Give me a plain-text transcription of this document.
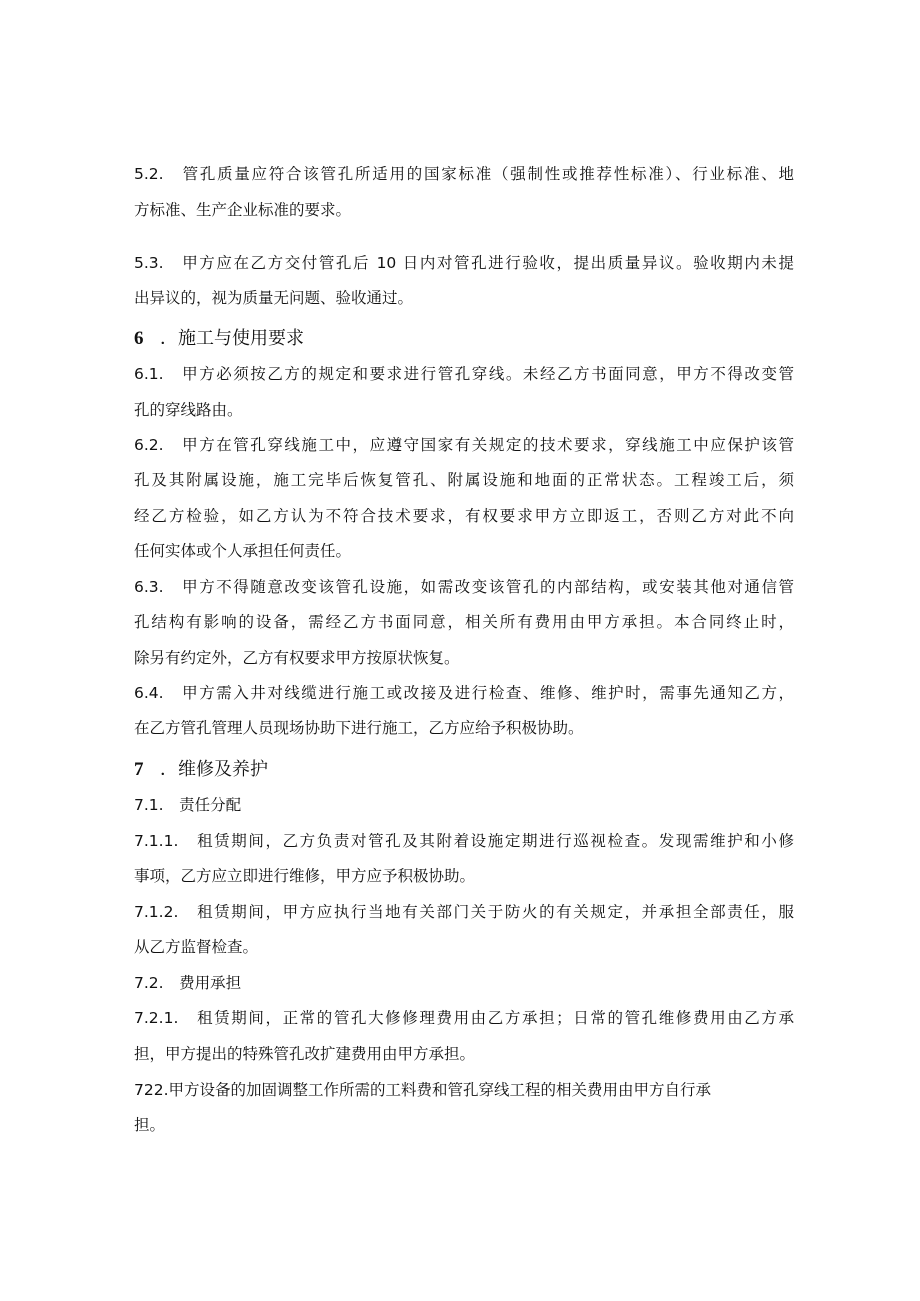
5.2.　管孔质量应符合该管孔所适用的国家标准（强制性或推荐性标准）、行业标准、地
方标准、生产企业标准的要求。
5.3.　甲方应在乙方交付管孔后 10 日内对管孔进行验收，提出质量异议。验收期内未提
出异议的，视为质量无问题、验收通过。
6 ．施工与使用要求
6.1.　甲方必须按乙方的规定和要求进行管孔穿线。未经乙方书面同意，甲方不得改变管
孔的穿线路由。
6.2.　甲方在管孔穿线施工中，应遵守国家有关规定的技术要求，穿线施工中应保护该管
孔及其附属设施，施工完毕后恢复管孔、附属设施和地面的正常状态。工程竣工后，须
经乙方检验，如乙方认为不符合技术要求，有权要求甲方立即返工，否则乙方对此不向
任何实体或个人承担任何责任。
6.3.　甲方不得随意改变该管孔设施，如需改变该管孔的内部结构，或安装其他对通信管
孔结构有影响的设备，需经乙方书面同意，相关所有费用由甲方承担。本合同终止时，
除另有约定外，乙方有权要求甲方按原状恢复。
6.4.　甲方需入井对线缆进行施工或改接及进行检查、维修、维护时，需事先通知乙方，
在乙方管孔管理人员现场协助下进行施工，乙方应给予积极协助。
7 ．维修及养护
7.1.　责任分配
7.1.1.　租赁期间，乙方负责对管孔及其附着设施定期进行巡视检查。发现需维护和小修
事项，乙方应立即进行维修，甲方应予积极协助。
7.1.2.　租赁期间，甲方应执行当地有关部门关于防火的有关规定，并承担全部责任，服
从乙方监督检查。
7.2.　费用承担
7.2.1.　租赁期间，正常的管孔大修修理费用由乙方承担；日常的管孔维修费用由乙方承
担，甲方提出的特殊管孔改扩建费用由甲方承担。
722.甲方设备的加固调整工作所需的工料费和管孔穿线工程的相关费用由甲方自行承
担。
